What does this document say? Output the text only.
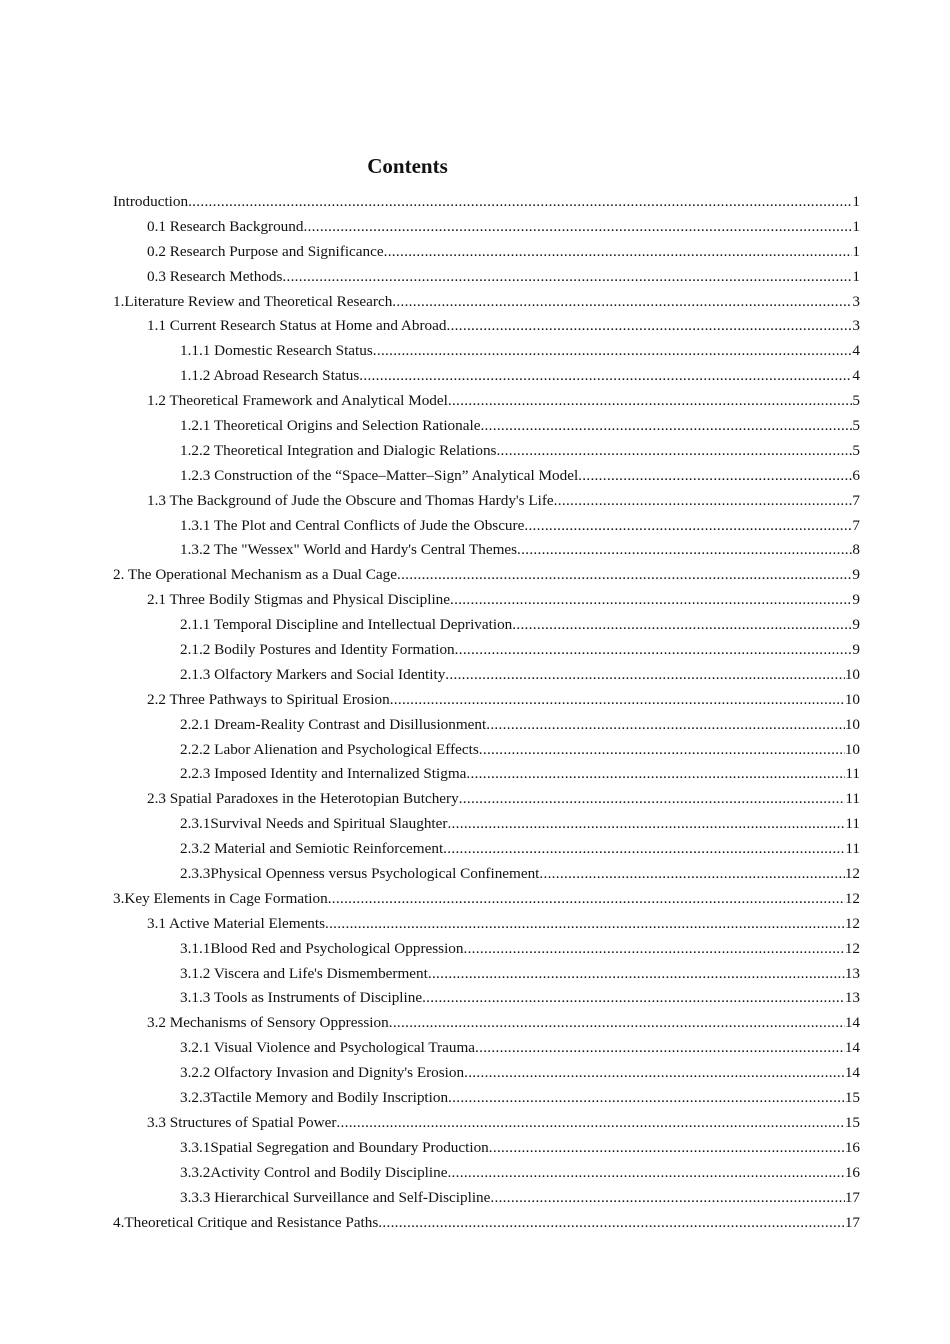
Contents
Introduction .....	1
0.1 Research Background .....	1
0.2 Research Purpose and Significance .....	1
0.3 Research Methods .....	1
1.Literature Review and Theoretical Research .....	3
1.1 Current Research Status at Home and Abroad .....	3
1.1.1 Domestic Research Status .....	4
1.1.2 Abroad Research Status .....	4
1.2 Theoretical Framework and Analytical Model .....	5
1.2.1 Theoretical Origins and Selection Rationale .....	5
1.2.2 Theoretical Integration and Dialogic Relations .....	5
1.2.3 Construction of the “Space–Matter–Sign” Analytical Model .....	6
1.3 The Background of Jude the Obscure and Thomas Hardy's Life .....	7
1.3.1 The Plot and Central Conflicts of Jude the Obscure .....	7
1.3.2 The "Wessex" World and Hardy's Central Themes .....	8
2. The Operational Mechanism as a Dual Cage .....	9
2.1 Three Bodily Stigmas and Physical Discipline .....	9
2.1.1 Temporal Discipline and Intellectual Deprivation .....	9
2.1.2 Bodily Postures and Identity Formation .....	9
2.1.3 Olfactory Markers and Social Identity .....	10
2.2 Three Pathways to Spiritual Erosion .....	10
2.2.1 Dream-Reality Contrast and Disillusionment .....	10
2.2.2 Labor Alienation and Psychological Effects .....	10
2.2.3 Imposed Identity and Internalized Stigma .....	11
2.3 Spatial Paradoxes in the Heterotopian Butchery .....	11
2.3.1Survival Needs and Spiritual Slaughter .....	11
2.3.2 Material and Semiotic Reinforcement .....	11
2.3.3Physical Openness versus Psychological Confinement .....	12
3.Key Elements in Cage Formation .....	12
3.1 Active Material Elements .....	12
3.1.1Blood Red and Psychological Oppression .....	12
3.1.2 Viscera and Life's Dismemberment .....	13
3.1.3 Tools as Instruments of Discipline .....	13
3.2 Mechanisms of Sensory Oppression .....	14
3.2.1 Visual Violence and Psychological Trauma .....	14
3.2.2 Olfactory Invasion and Dignity's Erosion .....	14
3.2.3Tactile Memory and Bodily Inscription .....	15
3.3 Structures of Spatial Power .....	15
3.3.1Spatial Segregation and Boundary Production .....	16
3.3.2Activity Control and Bodily Discipline .....	16
3.3.3 Hierarchical Surveillance and Self-Discipline .....	17
4.Theoretical Critique and Resistance Paths .....	17
